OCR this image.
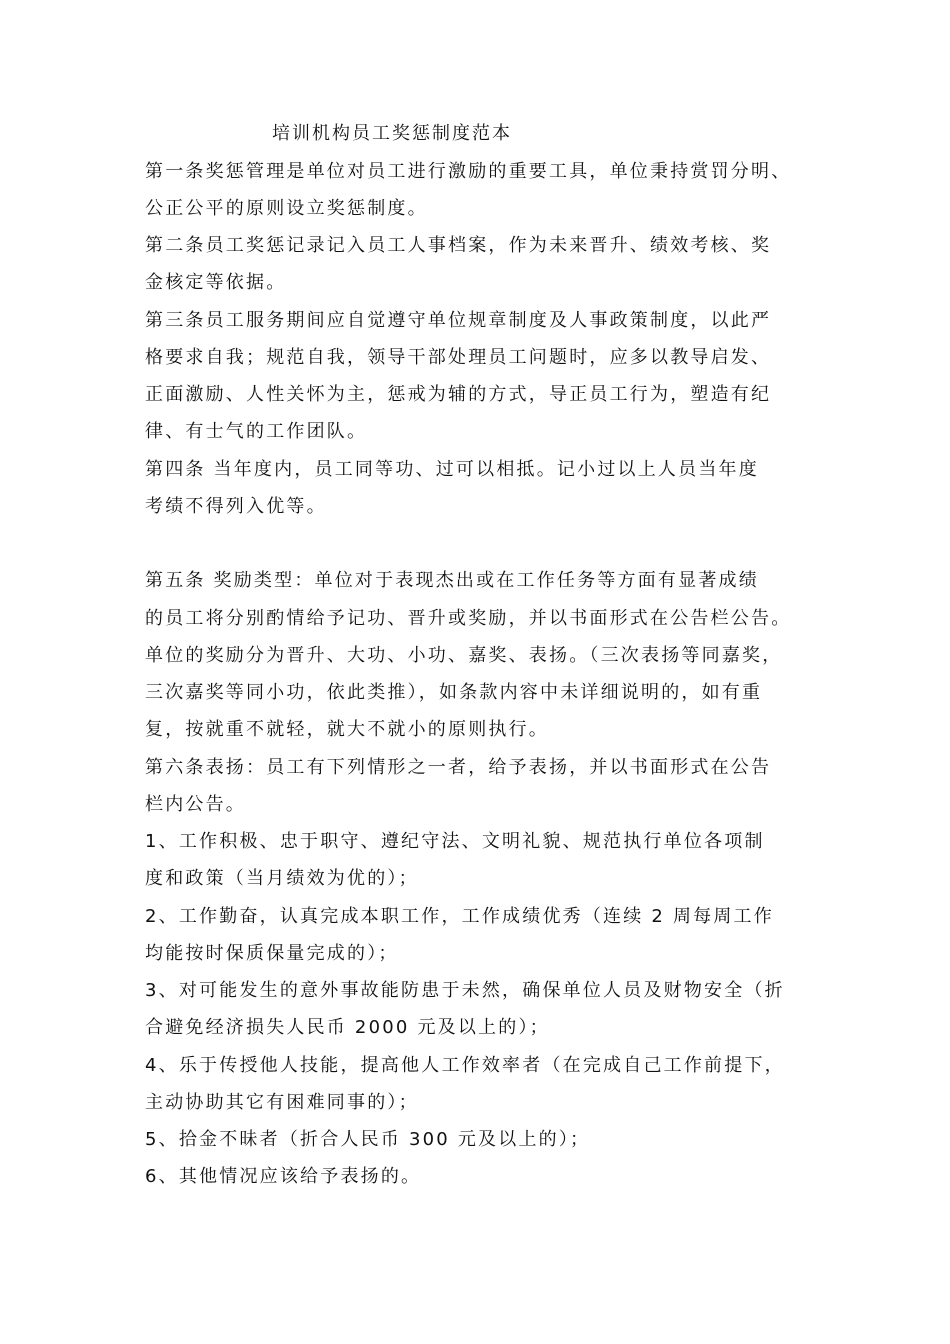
培训机构员工奖惩制度范本
第一条奖惩管理是单位对员工进行激励的重要工具，单位秉持赏罚分明、
公正公平的原则设立奖惩制度。
第二条员工奖惩记录记入员工人事档案，作为未来晋升、绩效考核、奖
金核定等依据。
第三条员工服务期间应自觉遵守单位规章制度及人事政策制度，以此严
格要求自我；规范自我，领导干部处理员工问题时，应多以教导启发、
正面激励、人性关怀为主，惩戒为辅的方式，导正员工行为，塑造有纪
律、有士气的工作团队。
第四条 当年度内，员工同等功、过可以相抵。记小过以上人员当年度
考绩不得列入优等。
第五条 奖励类型：单位对于表现杰出或在工作任务等方面有显著成绩
的员工将分别酌情给予记功、晋升或奖励，并以书面形式在公告栏公告。
单位的奖励分为晋升、大功、小功、嘉奖、表扬。（三次表扬等同嘉奖，
三次嘉奖等同小功，依此类推），如条款内容中未详细说明的，如有重
复，按就重不就轻，就大不就小的原则执行。
第六条表扬：员工有下列情形之一者，给予表扬，并以书面形式在公告
栏内公告。
1、工作积极、忠于职守、遵纪守法、文明礼貌、规范执行单位各项制
度和政策（当月绩效为优的）；
2、工作勤奋，认真完成本职工作，工作成绩优秀（连续 2 周每周工作
均能按时保质保量完成的）；
3、对可能发生的意外事故能防患于未然，确保单位人员及财物安全（折
合避免经济损失人民币 2000 元及以上的）；
4、乐于传授他人技能，提高他人工作效率者（在完成自己工作前提下，
主动协助其它有困难同事的）；
5、拾金不昧者（折合人民币 300 元及以上的）；
6、其他情况应该给予表扬的。
